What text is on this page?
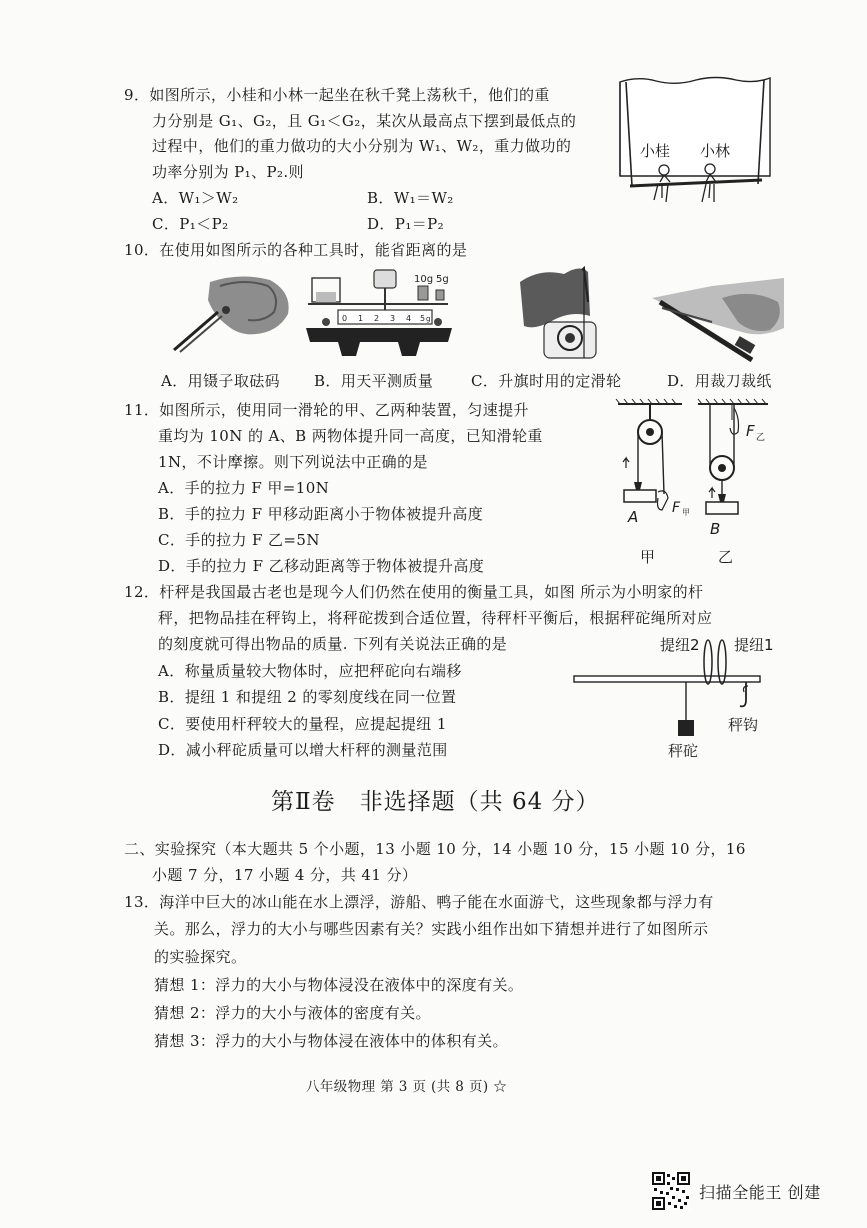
9．如图所示，小桂和小林一起坐在秋千凳上荡秋千，他们的重
力分别是 G₁、G₂，且 G₁＜G₂，某次从最高点下摆到最低点的
过程中，他们的重力做功的大小分别为 W₁、W₂，重力做功的
功率分别为 P₁、P₂.则
A．W₁＞W₂	B．W₁＝W₂
C．P₁＜P₂	D．P₁＝P₂
小桂 小林
10．在使用如图所示的各种工具时，能省距离的是
10g 5g
0 1 2 3 4 5 g
A．用镊子取砝码 B．用天平测质量	C．升旗时用的定滑轮	D．用裁刀裁纸
11．如图所示，使用同一滑轮的甲、乙两种装置，匀速提升
重均为 10N 的 A、B 两物体提升同一高度，已知滑轮重
1N，不计摩擦。则下列说法中正确的是
A．手的拉力 F 甲=10N
B．手的拉力 F 甲移动距离小于物体被提升高度
C．手的拉力 F 乙=5N
D．手的拉力 F 乙移动距离等于物体被提升高度
A F 甲
F 乙
B
甲	乙
12．杆秤是我国最古老也是现今人们仍然在使用的衡量工具，如图 所示为小明家的杆
秤，把物品挂在秤钩上，将秤砣拨到合适位置，待秤杆平衡后，根据秤砣绳所对应
的刻度就可得出物品的质量. 下列有关说法正确的是
A．称量质量较大物体时，应把秤砣向右端移
B．提纽 1 和提纽 2 的零刻度线在同一位置
C．要使用杆秤较大的量程，应提起提纽 1
D．减小秤砣质量可以增大杆秤的测量范围
提纽2 提纽1
秤钩
秤砣
第Ⅱ卷　非选择题（共 64 分）
二、实验探究（本大题共 5 个小题，13 小题 10 分，14 小题 10 分，15 小题 10 分，16
小题 7 分，17 小题 4 分，共 41 分）
13．海洋中巨大的冰山能在水上漂浮，游船、鸭子能在水面游弋，这些现象都与浮力有
关。那么，浮力的大小与哪些因素有关？实践小组作出如下猜想并进行了如图所示
的实验探究。
猜想 1：浮力的大小与物体浸没在液体中的深度有关。
猜想 2：浮力的大小与液体的密度有关。
猜想 3：浮力的大小与物体浸在液体中的体积有关。
八年级物理 第 3 页 (共 8 页) ☆
扫描全能王 创建
